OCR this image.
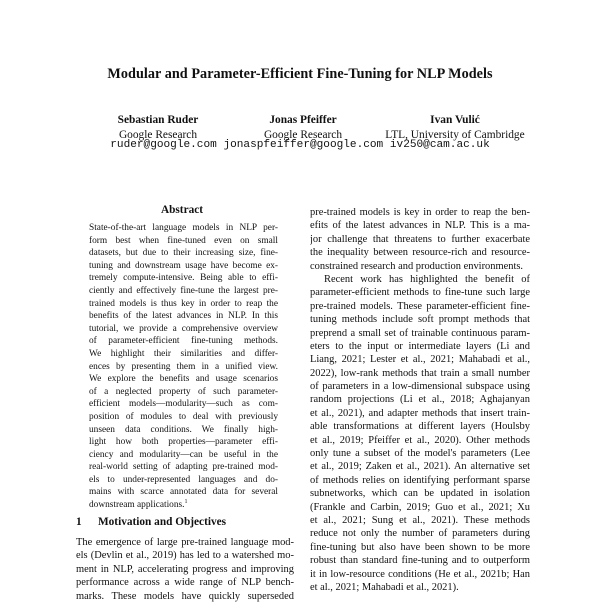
Modular and Parameter-Efficient Fine-Tuning for NLP Models
Sebastian Ruder
Google Research
Jonas Pfeiffer
Google Research
Ivan Vulić
LTL, University of Cambridge
ruder@google.com jonaspfeiffer@google.com iv250@cam.ac.uk
Abstract
State-of-the-art language models in NLP per-
form best when fine-tuned even on small
datasets, but due to their increasing size, fine-
tuning and downstream usage have become ex-
tremely compute-intensive. Being able to effi-
ciently and effectively fine-tune the largest pre-
trained models is thus key in order to reap the
benefits of the latest advances in NLP. In this
tutorial, we provide a comprehensive overview
of parameter-efficient fine-tuning methods.
We highlight their similarities and differ-
ences by presenting them in a unified view.
We explore the benefits and usage scenarios
of a neglected property of such parameter-
efficient models—modularity—such as com-
position of modules to deal with previously
unseen data conditions. We finally high-
light how both properties—parameter effi-
ciency and modularity—can be useful in the
real-world setting of adapting pre-trained mod-
els to under-represented languages and do-
mains with scarce annotated data for several
downstream applications.$^1$
1 Motivation and Objectives
The emergence of large pre-trained language mod-
els (Devlin et al., 2019) has led to a watershed mo-
ment in NLP, accelerating progress and improving
performance across a wide range of NLP bench-
marks. These models have quickly superseded
pre-trained models is key in order to reap the ben-
efits of the latest advances in NLP. This is a ma-
jor challenge that threatens to further exacerbate
the inequality between resource-rich and resource-
constrained research and production environments.
Recent work has highlighted the benefit of
parameter-efficient methods to fine-tune such large
pre-trained models. These parameter-efficient fine-
tuning methods include soft prompt methods that
preprend a small set of trainable continuous param-
eters to the input or intermediate layers (Li and
Liang, 2021; Lester et al., 2021; Mahabadi et al.,
2022), low-rank methods that train a small number
of parameters in a low-dimensional subspace using
random projections (Li et al., 2018; Aghajanyan
et al., 2021), and adapter methods that insert train-
able transformations at different layers (Houlsby
et al., 2019; Pfeiffer et al., 2020). Other methods
only tune a subset of the model's parameters (Lee
et al., 2019; Zaken et al., 2021). An alternative set
of methods relies on identifying performant sparse
subnetworks, which can be updated in isolation
(Frankle and Carbin, 2019; Guo et al., 2021; Xu
et al., 2021; Sung et al., 2021). These methods
reduce not only the number of parameters during
fine-tuning but also have been shown to be more
robust than standard fine-tuning and to outperform
it in low-resource conditions (He et al., 2021b; Han
et al., 2021; Mahabadi et al., 2021).
